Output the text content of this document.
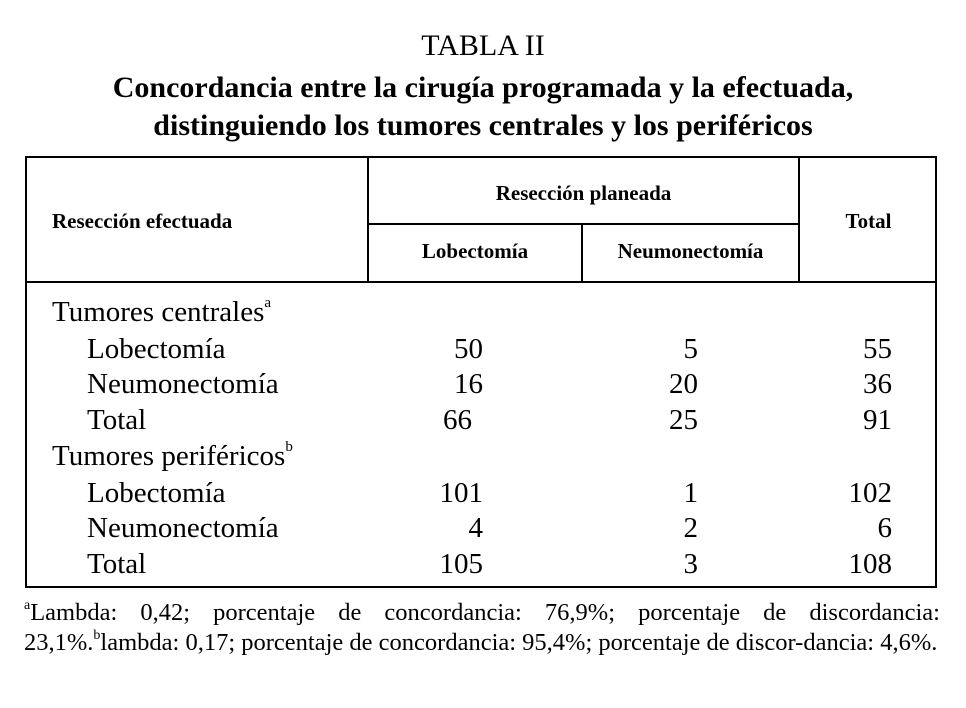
TABLA II
Concordancia entre la cirugía programada y la efectuada,
distinguiendo los tumores centrales y los periféricos
Resección efectuada
Resección planeada
Lobectomía	Neumonectomía
Total
Tumores centrales$^a$
Lobectomía	50	5	55
Neumonectomía	16	20	36
Total	66	25	91
Tumores periféricos$^b$
Lobectomía	101	1	102
Neumonectomía	4	2	6
Total	105	3	108
$^a$Lambda: 0,42; porcentaje de concordancia: 76,9%; porcentaje de discordancia: 23,1%.$^b$lambda: 0,17; porcentaje de concordancia: 95,4%; porcentaje de discor-dancia: 4,6%.
